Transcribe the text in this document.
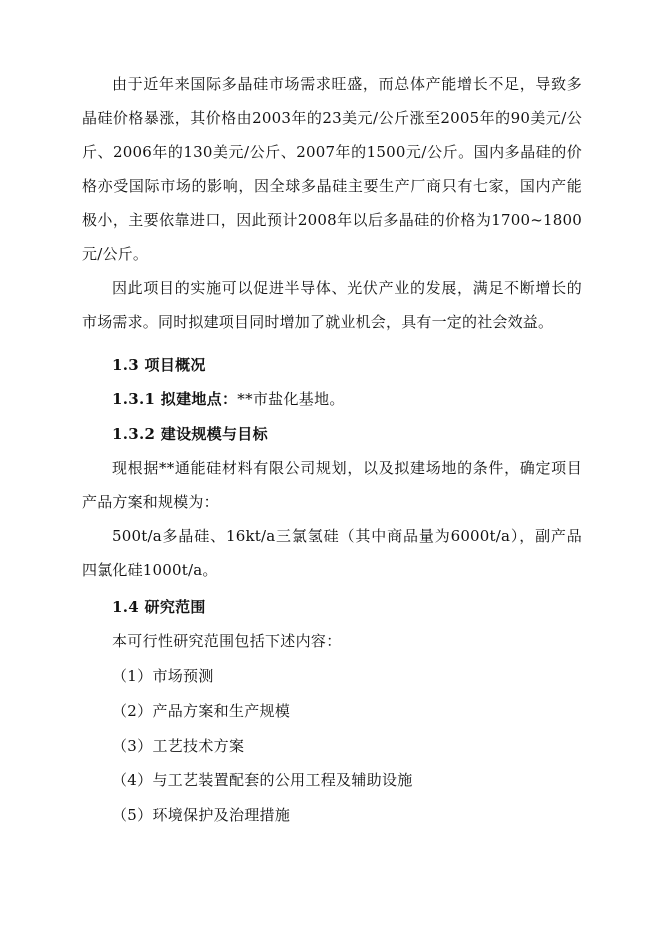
由于近年来国际多晶硅市场需求旺盛，而总体产能增长不足，导致多晶硅价格暴涨，其价格由2003年的23美元/公斤涨至2005年的90美元/公斤、2006年的130美元/公斤、2007年的1500元/公斤。国内多晶硅的价格亦受国际市场的影响，因全球多晶硅主要生产厂商只有七家，国内产能极小，主要依靠进口，因此预计2008年以后多晶硅的价格为1700~1800元/公斤。

因此项目的实施可以促进半导体、光伏产业的发展，满足不断增长的市场需求。同时拟建项目同时增加了就业机会，具有一定的社会效益。

1.3 项目概况

1.3.1 拟建地点：**市盐化基地。

1.3.2 建设规模与目标

现根据**通能硅材料有限公司规划，以及拟建场地的条件，确定项目产品方案和规模为：

500t/a多晶硅、16kt/a三氯氢硅（其中商品量为6000t/a），副产品四氯化硅1000t/a。

1.4 研究范围

本可行性研究范围包括下述内容：

（1）市场预测

（2）产品方案和生产规模

（3）工艺技术方案

（4）与工艺装置配套的公用工程及辅助设施

（5）环境保护及治理措施
